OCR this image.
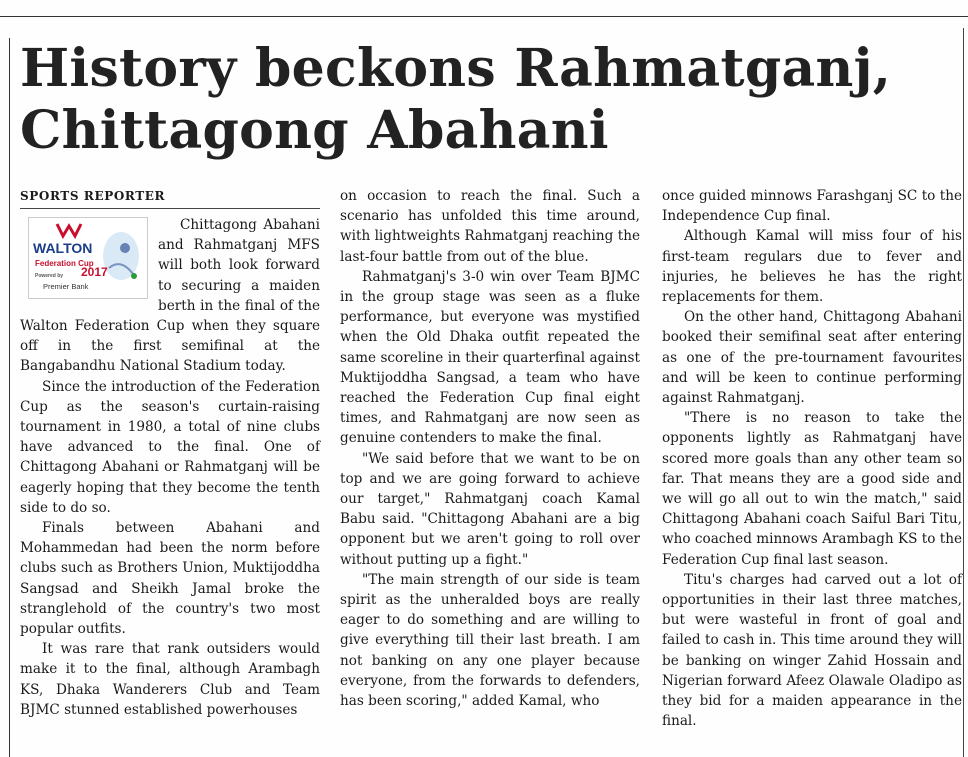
History beckons Rahmatganj,
Chittagong Abahani
SPORTS REPORTER
WALTON
Federation Cup
Powered by 2017
Premier Bank

Chittagong Abahani and Rahmatganj MFS will both look forward to securing a maiden berth in the final of the Walton Federation Cup when they square off in the first semifinal at the Bangabandhu National Stadium today.

Since the introduction of the Federation Cup as the season's curtain-raising tournament in 1980, a total of nine clubs have advanced to the final. One of Chittagong Abahani or Rahmatganj will be eagerly hoping that they become the tenth side to do so.

Finals between Abahani and Mohammedan had been the norm before clubs such as Brothers Union, Muktijoddha Sangsad and Sheikh Jamal broke the stranglehold of the country's two most popular outfits.

It was rare that rank outsiders would make it to the final, although Arambagh KS, Dhaka Wanderers Club and Team BJMC stunned established powerhouses

on occasion to reach the final. Such a scenario has unfolded this time around, with lightweights Rahmatganj reaching the last-four battle from out of the blue.

Rahmatganj's 3-0 win over Team BJMC in the group stage was seen as a fluke performance, but everyone was mystified when the Old Dhaka outfit repeated the same scoreline in their quarterfinal against Muktijoddha Sangsad, a team who have reached the Federation Cup final eight times, and Rahmatganj are now seen as genuine contenders to make the final.

"We said before that we want to be on top and we are going forward to achieve our target," Rahmatganj coach Kamal Babu said. "Chittagong Abahani are a big opponent but we aren't going to roll over without putting up a fight."

"The main strength of our side is team spirit as the unheralded boys are really eager to do something and are willing to give everything till their last breath. I am not banking on any one player because everyone, from the forwards to defenders, has been scoring," added Kamal, who

once guided minnows Farashganj SC to the Independence Cup final.

Although Kamal will miss four of his first-team regulars due to fever and injuries, he believes he has the right replacements for them.

On the other hand, Chittagong Abahani booked their semifinal seat after entering as one of the pre-tournament favourites and will be keen to continue performing against Rahmatganj.

"There is no reason to take the opponents lightly as Rahmatganj have scored more goals than any other team so far. That means they are a good side and we will go all out to win the match," said Chittagong Abahani coach Saiful Bari Titu, who coached minnows Arambagh KS to the Federation Cup final last season.

Titu's charges had carved out a lot of opportunities in their last three matches, but were wasteful in front of goal and failed to cash in. This time around they will be banking on winger Zahid Hossain and Nigerian forward Afeez Olawale Oladipo as they bid for a maiden appearance in the final.
